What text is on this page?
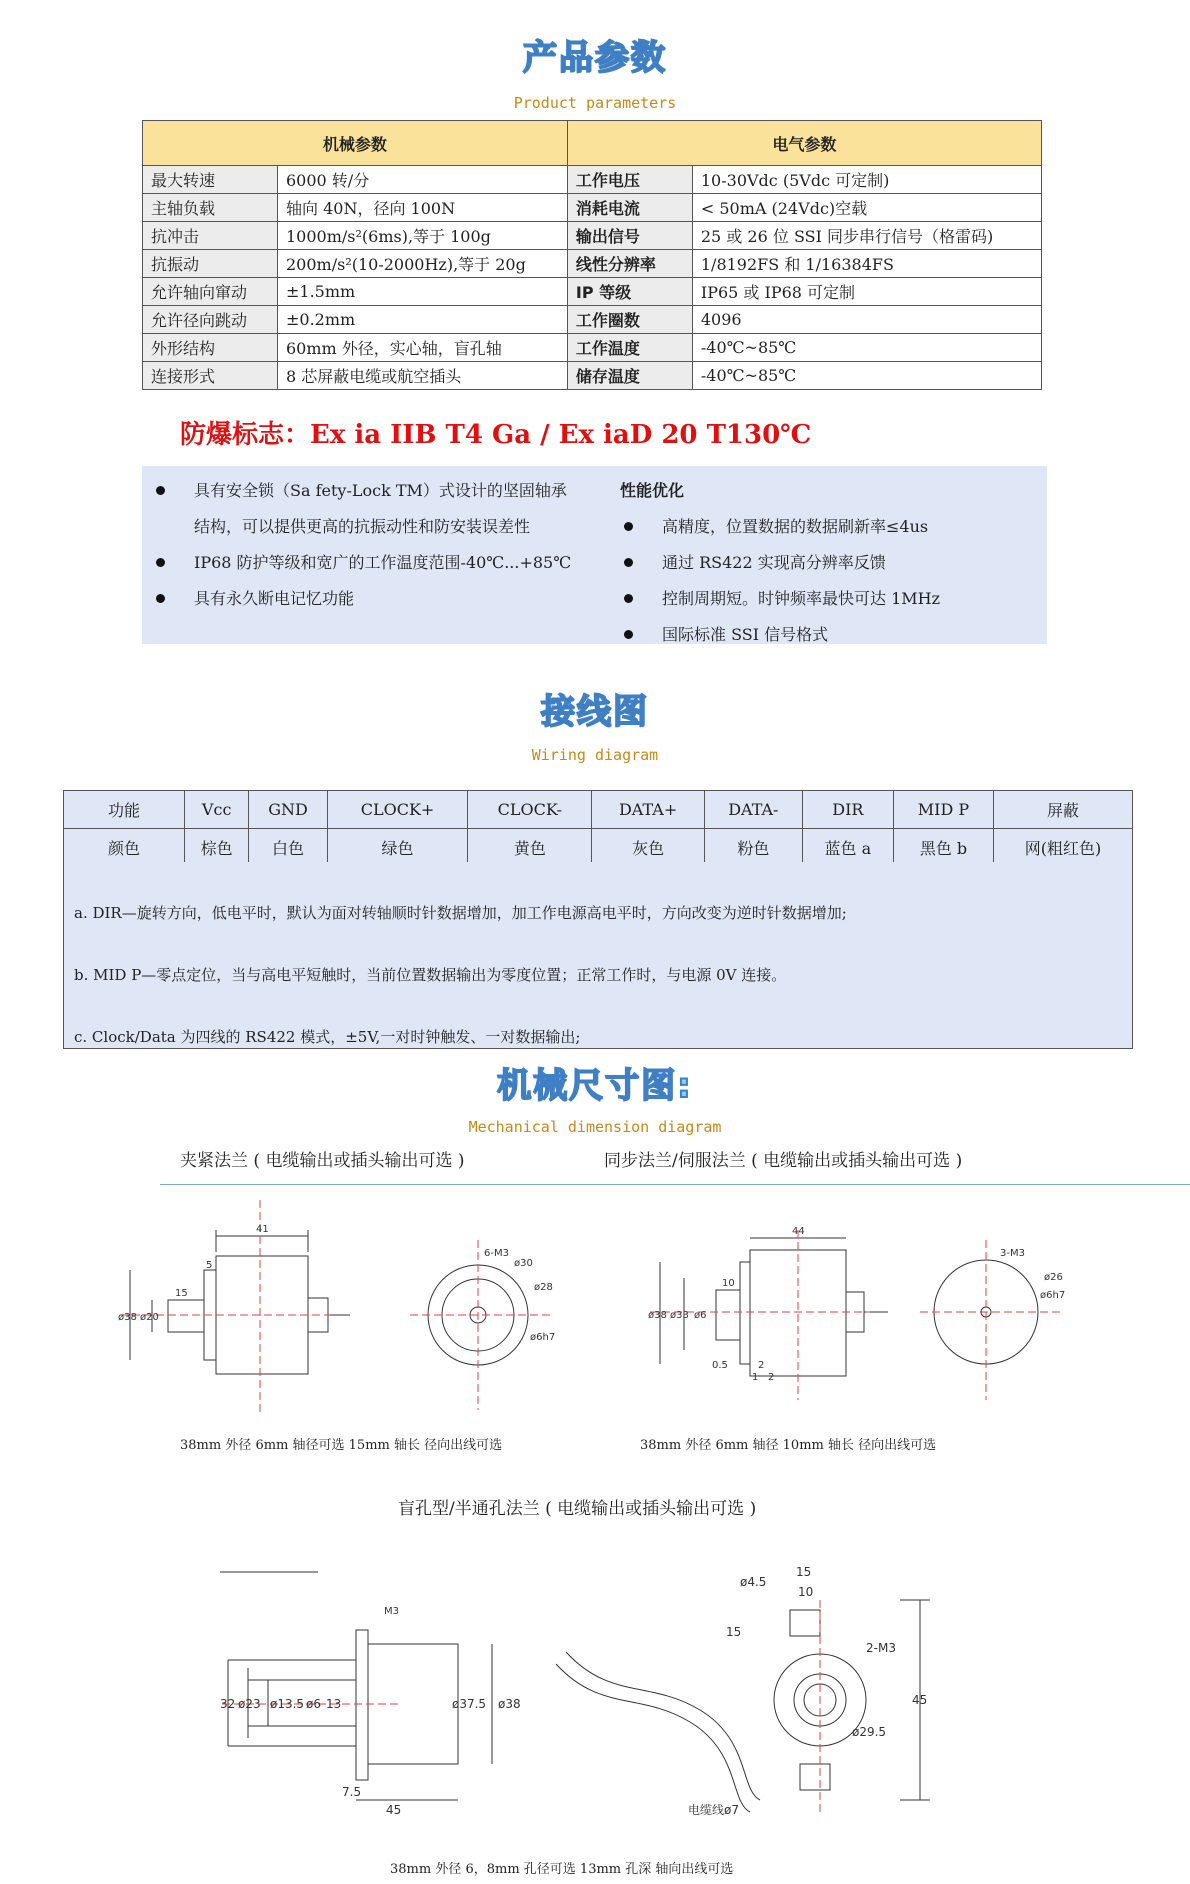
产品参数
Product parameters
机械参数		电气参数	
最大转速	6000 转/分	工作电压	10-30Vdc (5Vdc 可定制)
主轴负载	轴向 40N，径向 100N	消耗电流	< 50mA (24Vdc)空载
抗冲击	1000m/s²(6ms),等于 100g	输出信号	25 或 26 位 SSI 同步串行信号（格雷码)
抗振动	200m/s²(10-2000Hz),等于 20g	线性分辨率	1/8192FS 和 1/16384FS
允许轴向窜动	±1.5mm	IP 等级	IP65 或 IP68 可定制
允许径向跳动	±0.2mm	工作圈数	4096
外形结构	60mm 外径，实心轴，盲孔轴	工作温度	-40℃~85℃
连接形式	8 芯屏蔽电缆或航空插头	储存温度	-40℃~85℃
防爆标志：Ex ia IIB T4 Ga / Ex iaD 20 T130℃
具有安全锁（Sa fety-Lock TM）式设计的坚固轴承
结构，可以提供更高的抗振动性和防安装误差性
IP68 防护等级和宽广的工作温度范围-40℃...+85℃
具有永久断电记忆功能
性能优化
高精度，位置数据的数据刷新率≤4us
通过 RS422 实现高分辨率反馈
控制周期短。时钟频率最快可达 1MHz
国际标准 SSI 信号格式
接线图
Wiring diagram
功能	Vcc	GND	CLOCK+	CLOCK-	DATA+	DATA-	DIR	MID P	屏蔽
颜色	棕色	白色	绿色	黄色	灰色	粉色	蓝色 a	黑色 b	网(粗红色)
a. DIR—旋转方向，低电平时，默认为面对转轴顺时针数据增加，加工作电源高电平时，方向改变为逆时针数据增加;
b. MID P—零点定位，当与高电平短触时，当前位置数据输出为零度位置；正常工作时，与电源 0V 连接。
c. Clock/Data 为四线的 RS422 模式，±5V,一对时钟触发、一对数据输出;
机械尺寸图:
Mechanical dimension diagram
夹紧法兰 ( 电缆输出或插头输出可选 )	同步法兰/伺服法兰 ( 电缆输出或插头输出可选 )
41
5
15
ø38 ø20
6-M3
ø30
ø28
ø6h7
44
ø38 ø33 ø6
10
0.5	2
2
1
3-M3
ø26
ø6h7
38mm 外径 6mm 轴径可选 15mm 轴长 径向出线可选	38mm 外径 6mm 轴径 10mm 轴长 径向出线可选
盲孔型/半通孔法兰 ( 电缆输出或插头输出可选 )
M3
32 ø23 ø13.5 ø6 13	ø37.5 ø38
7.5
45
ø4.5
15
10
15
2-M3
ø29.5
45
电缆线ø7
38mm 外径 6，8mm 孔径可选 13mm 孔深 轴向出线可选
